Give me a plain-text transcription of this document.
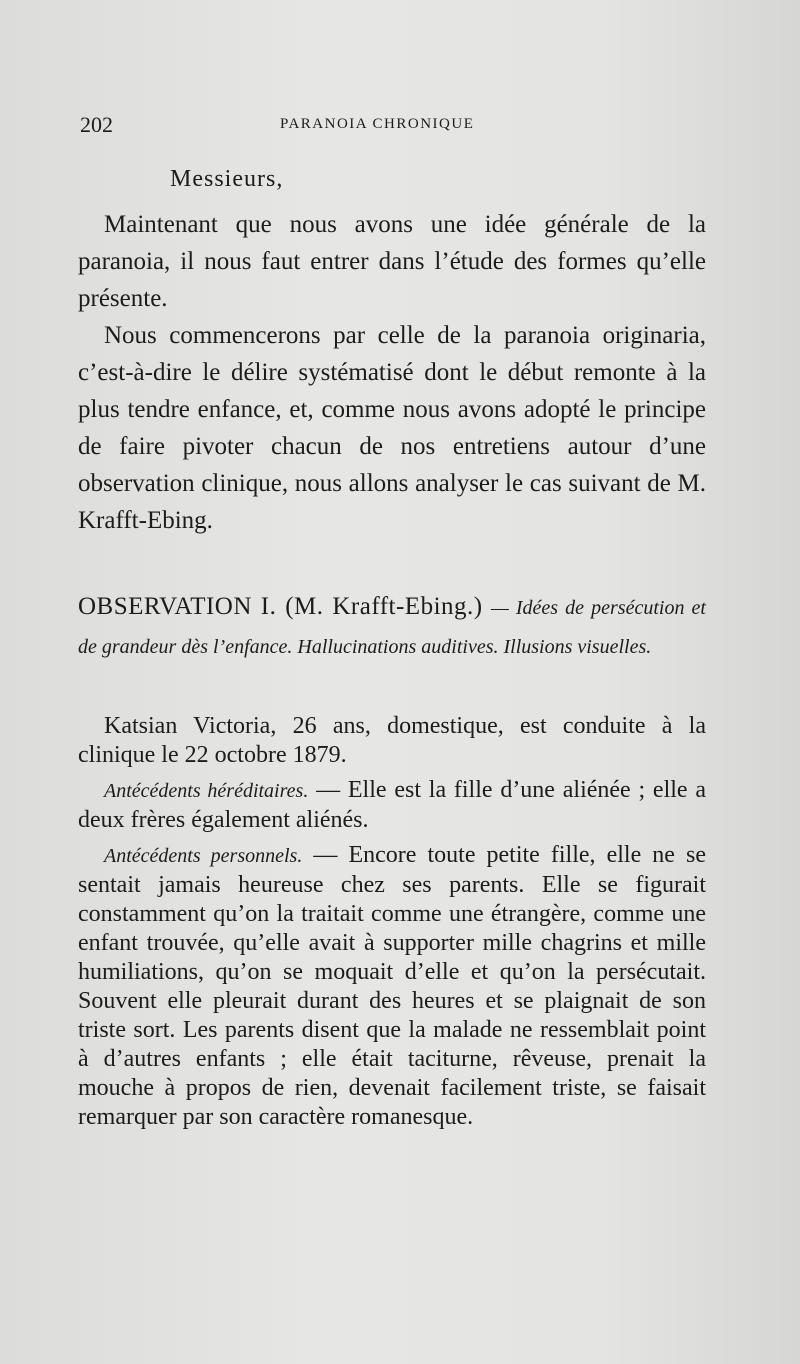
202	PARANOIA CHRONIQUE
Messieurs,

Maintenant que nous avons une idée générale de la paranoia, il nous faut entrer dans l’étude des formes qu’elle présente.

Nous commencerons par celle de la paranoia originaria, c’est-à-dire le délire systématisé dont le début remonte à la plus tendre enfance, et, comme nous avons adopté le principe de faire pivoter chacun de nos entretiens autour d’une observation clinique, nous allons analyser le cas suivant de M. Krafft-Ebing.

OBSERVATION I. (M. Krafft-Ebing.) — Idées de persécution et de grandeur dès l’enfance. Hallucinations auditives. Illusions visuelles.

Katsian Victoria, 26 ans, domestique, est conduite à la clinique le 22 octobre 1879.

Antécédents héréditaires. — Elle est la fille d’une aliénée ; elle a deux frères également aliénés.

Antécédents personnels. — Encore toute petite fille, elle ne se sentait jamais heureuse chez ses parents. Elle se figurait constamment qu’on la traitait comme une étrangère, comme une enfant trouvée, qu’elle avait à supporter mille chagrins et mille humiliations, qu’on se moquait d’elle et qu’on la persécutait. Souvent elle pleurait durant des heures et se plaignait de son triste sort. Les parents disent que la malade ne ressemblait point à d’autres enfants ; elle était taciturne, rêveuse, prenait la mouche à propos de rien, devenait facilement triste, se faisait remarquer par son caractère romanesque.
